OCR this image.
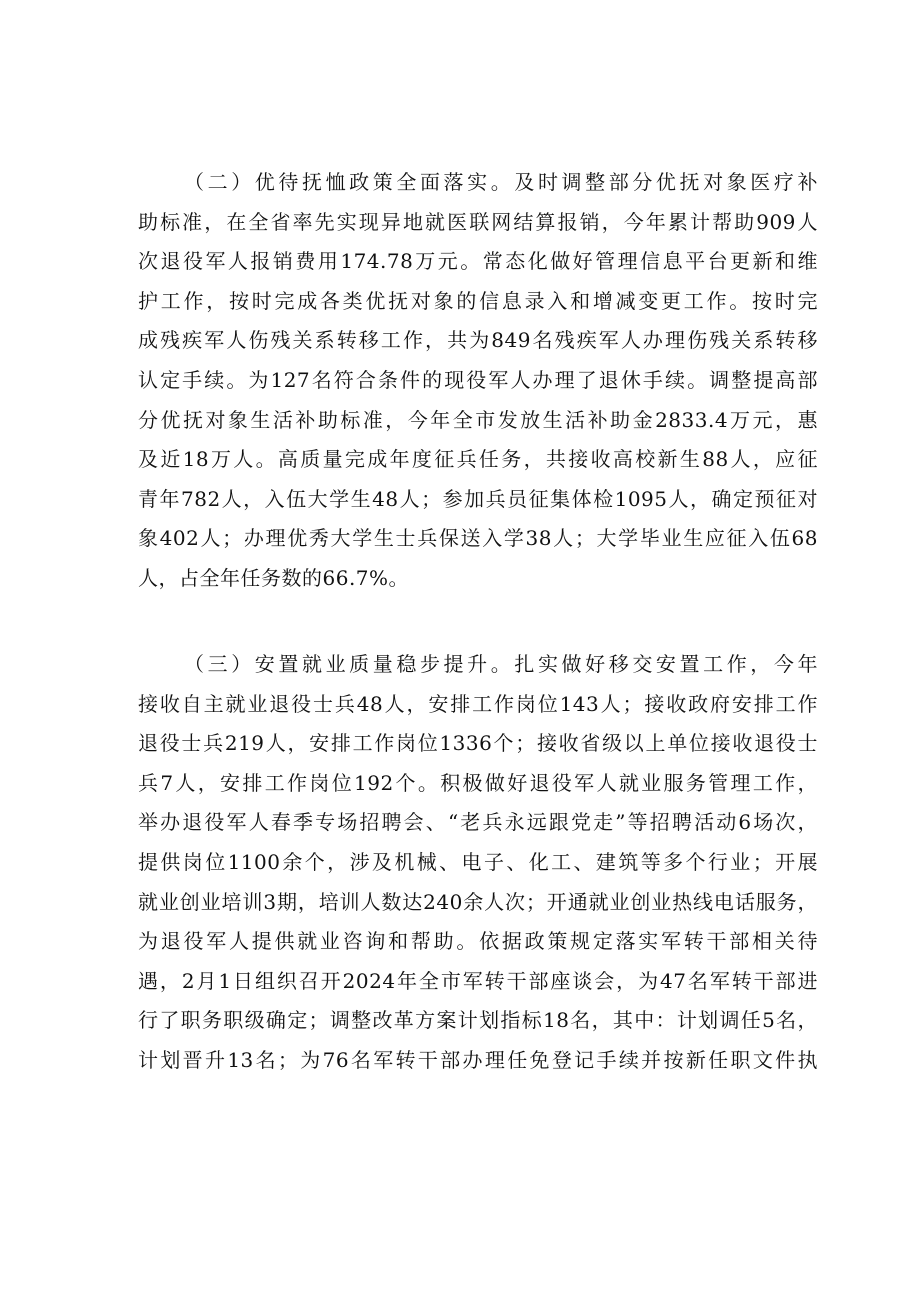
（二）优待抚恤政策全面落实。及时调整部分优抚对象医疗补
助标准，在全省率先实现异地就医联网结算报销，今年累计帮助909人
次退役军人报销费用174.78万元。常态化做好管理信息平台更新和维
护工作，按时完成各类优抚对象的信息录入和增减变更工作。按时完
成残疾军人伤残关系转移工作，共为849名残疾军人办理伤残关系转移
认定手续。为127名符合条件的现役军人办理了退休手续。调整提高部
分优抚对象生活补助标准，今年全市发放生活补助金2833.4万元，惠
及近18万人。高质量完成年度征兵任务，共接收高校新生88人，应征
青年782人，入伍大学生48人；参加兵员征集体检1095人，确定预征对
象402人；办理优秀大学生士兵保送入学38人；大学毕业生应征入伍68
人，占全年任务数的66.7%。
（三）安置就业质量稳步提升。扎实做好移交安置工作，今年
接收自主就业退役士兵48人，安排工作岗位143人；接收政府安排工作
退役士兵219人，安排工作岗位1336个；接收省级以上单位接收退役士
兵7人，安排工作岗位192个。积极做好退役军人就业服务管理工作，
举办退役军人春季专场招聘会、“老兵永远跟党走”等招聘活动6场次，
提供岗位1100余个，涉及机械、电子、化工、建筑等多个行业；开展
就业创业培训3期，培训人数达240余人次；开通就业创业热线电话服务，
为退役军人提供就业咨询和帮助。依据政策规定落实军转干部相关待
遇，2月1日组织召开2024年全市军转干部座谈会，为47名军转干部进
行了职务职级确定；调整改革方案计划指标18名，其中：计划调任5名，
计划晋升13名；为76名军转干部办理任免登记手续并按新任职文件执
